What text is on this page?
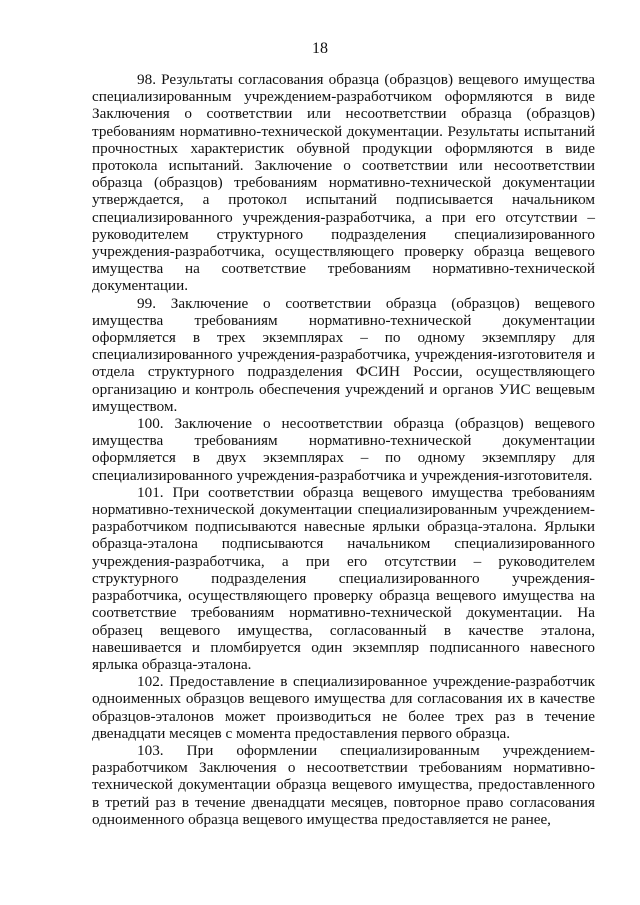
18

98. Результаты согласования образца (образцов) вещевого имущества специализированным учреждением-разработчиком оформляются в виде Заключения о соответствии или несоответствии образца (образцов) требованиям нормативно-технической документации. Результаты испытаний прочностных характеристик обувной продукции оформляются в виде протокола испытаний. Заключение о соответствии или несоответствии образца (образцов) требованиям нормативно-технической документации утверждается, а протокол испытаний подписывается начальником специализированного учреждения-разработчика, а при его отсутствии – руководителем структурного подразделения специализированного учреждения-разработчика, осуществляющего проверку образца вещевого имущества на соответствие требованиям нормативно-технической документации.

99. Заключение о соответствии образца (образцов) вещевого имущества требованиям нормативно-технической документации оформляется в трех экземплярах – по одному экземпляру для специализированного учреждения-разработчика, учреждения-изготовителя и отдела структурного подразделения ФСИН России, осуществляющего организацию и контроль обеспечения учреждений и органов УИС вещевым имуществом.

100. Заключение о несоответствии образца (образцов) вещевого имущества требованиям нормативно-технической документации оформляется в двух экземплярах – по одному экземпляру для специализированного учреждения-разработчика и учреждения-изготовителя.

101. При соответствии образца вещевого имущества требованиям нормативно-технической документации специализированным учреждением-разработчиком подписываются навесные ярлыки образца-эталона. Ярлыки образца-эталона подписываются начальником специализированного учреждения-разработчика, а при его отсутствии – руководителем структурного подразделения специализированного учреждения-разработчика, осуществляющего проверку образца вещевого имущества на соответствие требованиям нормативно-технической документации. На образец вещевого имущества, согласованный в качестве эталона, навешивается и пломбируется один экземпляр подписанного навесного ярлыка образца-эталона.

102. Предоставление в специализированное учреждение-разработчик одноименных образцов вещевого имущества для согласования их в качестве образцов-эталонов может производиться не более трех раз в течение двенадцати месяцев с момента предоставления первого образца.

103. При оформлении специализированным учреждением-разработчиком Заключения о несоответствии требованиям нормативно-технической документации образца вещевого имущества, предоставленного в третий раз в течение двенадцати месяцев, повторное право согласования одноименного образца вещевого имущества предоставляется не ранее,
